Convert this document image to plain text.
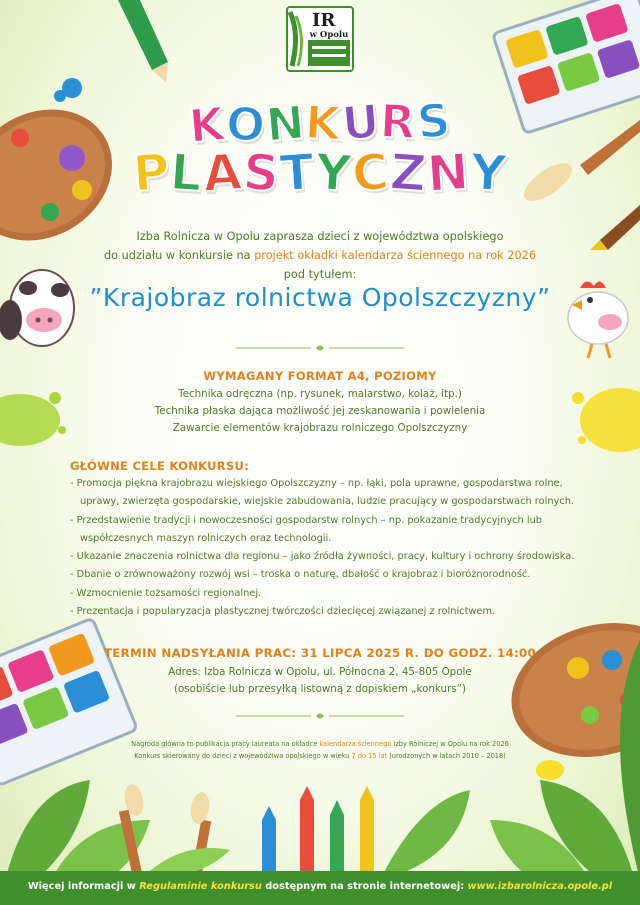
IR
w Opolu
KONKURS
PLASTYCZNY
Izba Rolnicza w Opolu zaprasza dzieci z województwa opolskiego
do udziału w konkursie na projekt okładki kalendarza ściennego na rok 2026
pod tytułem:
”Krajobraz rolnictwa Opolszczyzny”
WYMAGANY FORMAT A4, POZIOMY
Technika odręczna (np. rysunek, malarstwo, kolaż, itp.)
Technika płaska dająca możliwość jej zeskanowania i powielenia
Zawarcie elementów krajobrazu rolniczego Opolszczyzny
GŁÓWNE CELE KONKURSU:
- Promocja piękna krajobrazu wiejskiego Opolszczyzny – np. łąki, pola uprawne, gospodarstwa rolne,
uprawy, zwierzęta gospodarskie, wiejskie zabudowania, ludzie pracujący w gospodarstwach rolnych.
- Przedstawienie tradycji i nowoczesności gospodarstw rolnych – np. pokazanie tradycyjnych lub
współczesnych maszyn rolniczych oraz technologii.
- Ukazanie znaczenia rolnictwa dla regionu – jako źródła żywności, pracy, kultury i ochrony środowiska.
- Dbanie o zrównoważony rozwój wsi – troska o naturę, dbałość o krajobraz i bioróżnorodność.
- Wzmocnienie tożsamości regionalnej.
- Prezentacja i popularyzacja plastycznej twórczości dziecięcej związanej z rolnictwem.
TERMIN NADSYŁANIA PRAC: 31 LIPCA 2025 R. DO GODZ. 14:00
Adres: Izba Rolnicza w Opolu, ul. Północna 2, 45-805 Opole
(osobiście lub przesyłką listowną z dopiskiem „konkurs”)
Nagroda główna to publikacja pracy laureata na okładce kalendarza ściennego Izby Rolniczej w Opolu na rok 2026
Konkurs skierowany do dzieci z województwa opolskiego w wieku 7 do 15 lat (urodzonych w latach 2010 – 2018)
Więcej informacji w Regulaminie konkursu dostępnym na stronie internetowej: www.izbarolnicza.opole.pl
